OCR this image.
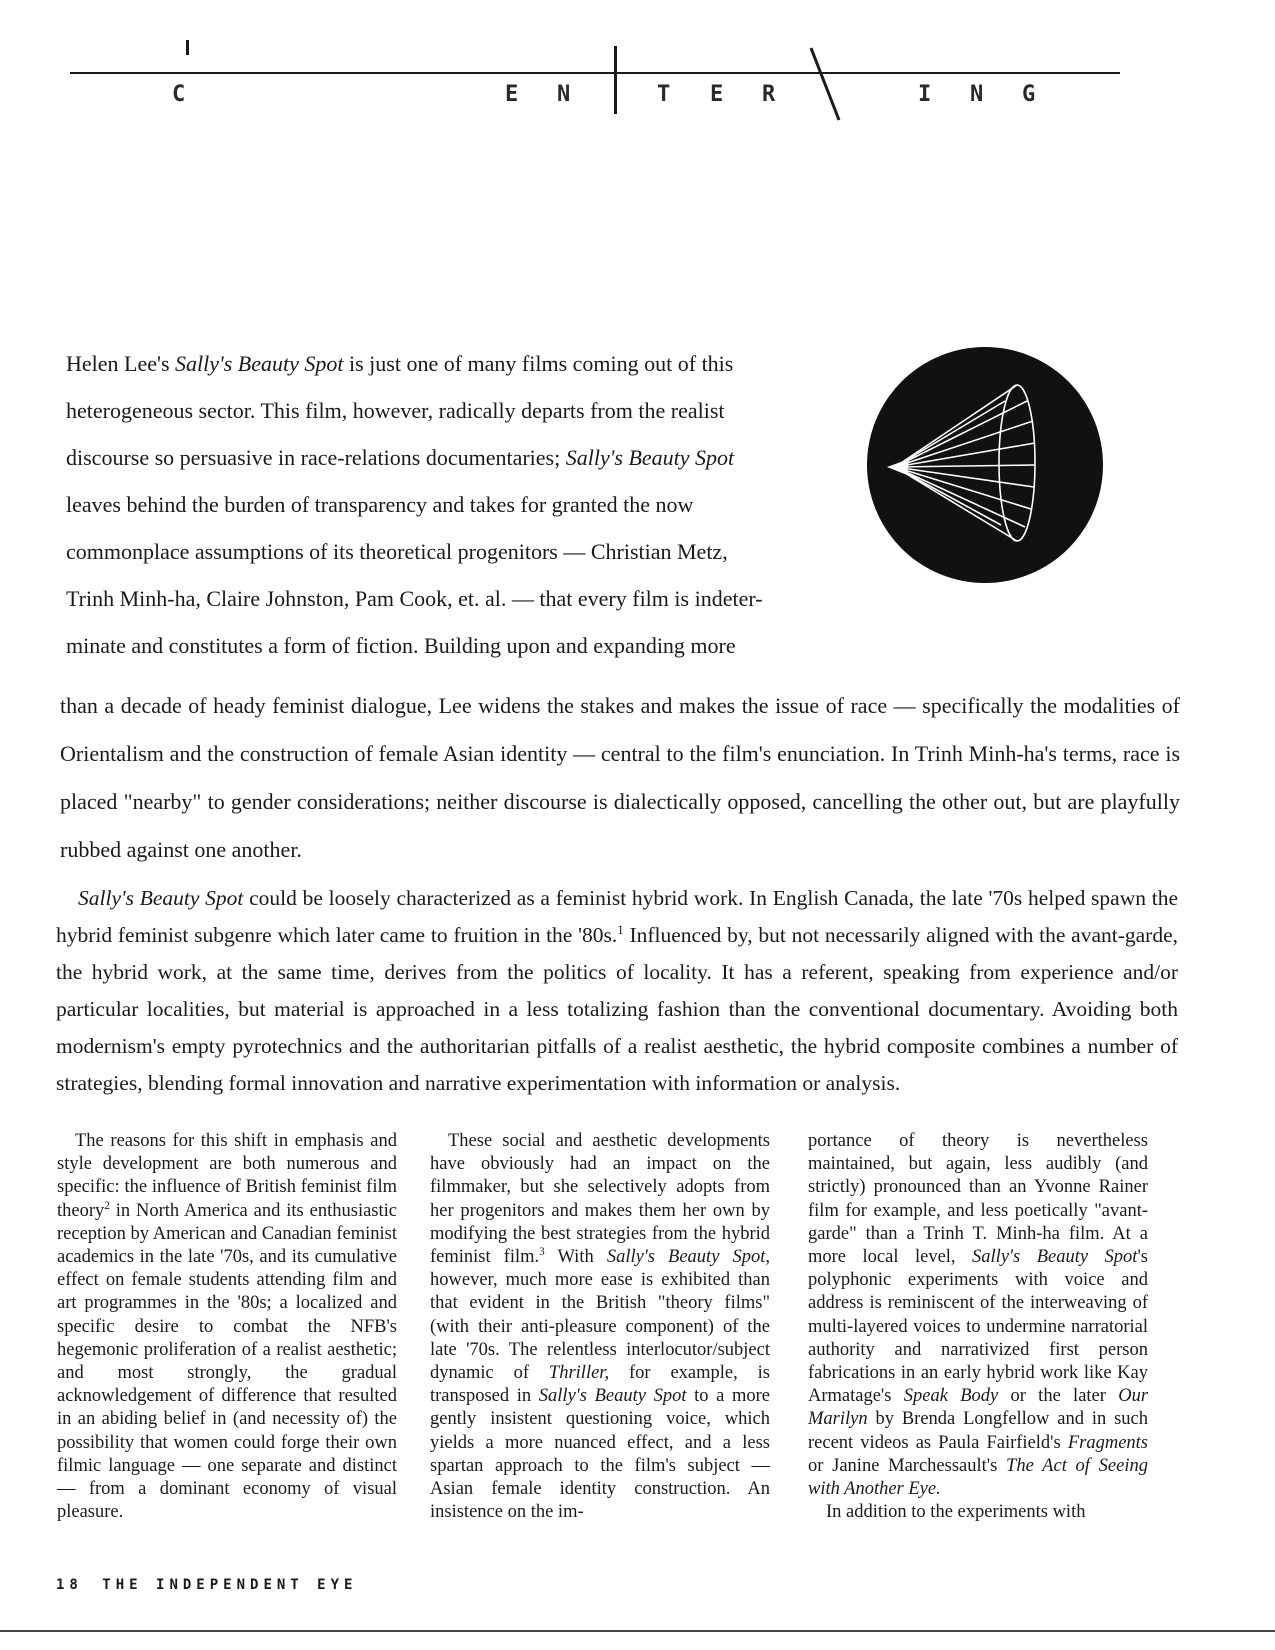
C	E N	T E R	I N G

Helen Lee's Sally's Beauty Spot is just one of many films coming out of this

heterogeneous sector. This film, however, radically departs from the realist

discourse so persuasive in race-relations documentaries; Sally's Beauty Spot

leaves behind the burden of transparency and takes for granted the now

commonplace assumptions of its theoretical progenitors — Christian Metz,

Trinh Minh-ha, Claire Johnston, Pam Cook, et. al. — that every film is indeter-

minate and constitutes a form of fiction. Building upon and expanding more

than a decade of heady feminist dialogue, Lee widens the stakes and makes the issue of race — specifically the modalities of Orientalism and the construction of female Asian identity — central to the film's enunciation. In Trinh Minh-ha's terms, race is placed "nearby" to gender considerations; neither discourse is dialectically opposed, cancelling the other out, but are playfully rubbed against one another.

Sally's Beauty Spot could be loosely characterized as a feminist hybrid work. In English Canada, the late '70s helped spawn the hybrid feminist subgenre which later came to fruition in the '80s.$^1$ Influenced by, but not necessarily aligned with the avant-garde, the hybrid work, at the same time, derives from the politics of locality. It has a referent, speaking from experience and/or particular localities, but material is approached in a less totalizing fashion than the conventional documentary. Avoiding both modernism's empty pyrotechnics and the authoritarian pitfalls of a realist aesthetic, the hybrid composite combines a number of strategies, blending formal innovation and narrative experimentation with information or analysis.

The reasons for this shift in emphasis and style development are both numerous and specific: the influence of British feminist film theory$^2$ in North America and its enthusiastic reception by American and Canadian feminist academics in the late '70s, and its cumulative effect on female students attending film and art programmes in the '80s; a localized and specific desire to combat the NFB's hegemonic proliferation of a realist aesthetic; and most strongly, the gradual acknowledgement of difference that resulted in an abiding belief in (and necessity of) the possibility that women could forge their own filmic language — one separate and distinct — from a dominant economy of visual pleasure.

These social and aesthetic developments have obviously had an impact on the filmmaker, but she selectively adopts from her progenitors and makes them her own by modifying the best strategies from the hybrid feminist film.$^3$ With Sally's Beauty Spot, however, much more ease is exhibited than that evident in the British "theory films" (with their anti-pleasure component) of the late '70s. The relentless interlocutor/subject dynamic of Thriller, for example, is transposed in Sally's Beauty Spot to a more gently insistent questioning voice, which yields a more nuanced effect, and a less spartan approach to the film's subject — Asian female identity construction. An insistence on the im-

portance of theory is nevertheless maintained, but again, less audibly (and strictly) pronounced than an Yvonne Rainer film for example, and less poetically "avant-garde" than a Trinh T. Minh-ha film. At a more local level, Sally's Beauty Spot's polyphonic experiments with voice and address is reminiscent of the interweaving of multi-layered voices to undermine narratorial authority and narrativized first person fabrications in an early hybrid work like Kay Armatage's Speak Body or the later Our Marilyn by Brenda Longfellow and in such recent videos as Paula Fairfield's Fragments or Janine Marchessault's The Act of Seeing with Another Eye.
In addition to the experiments with

18 THE INDEPENDENT EYE
